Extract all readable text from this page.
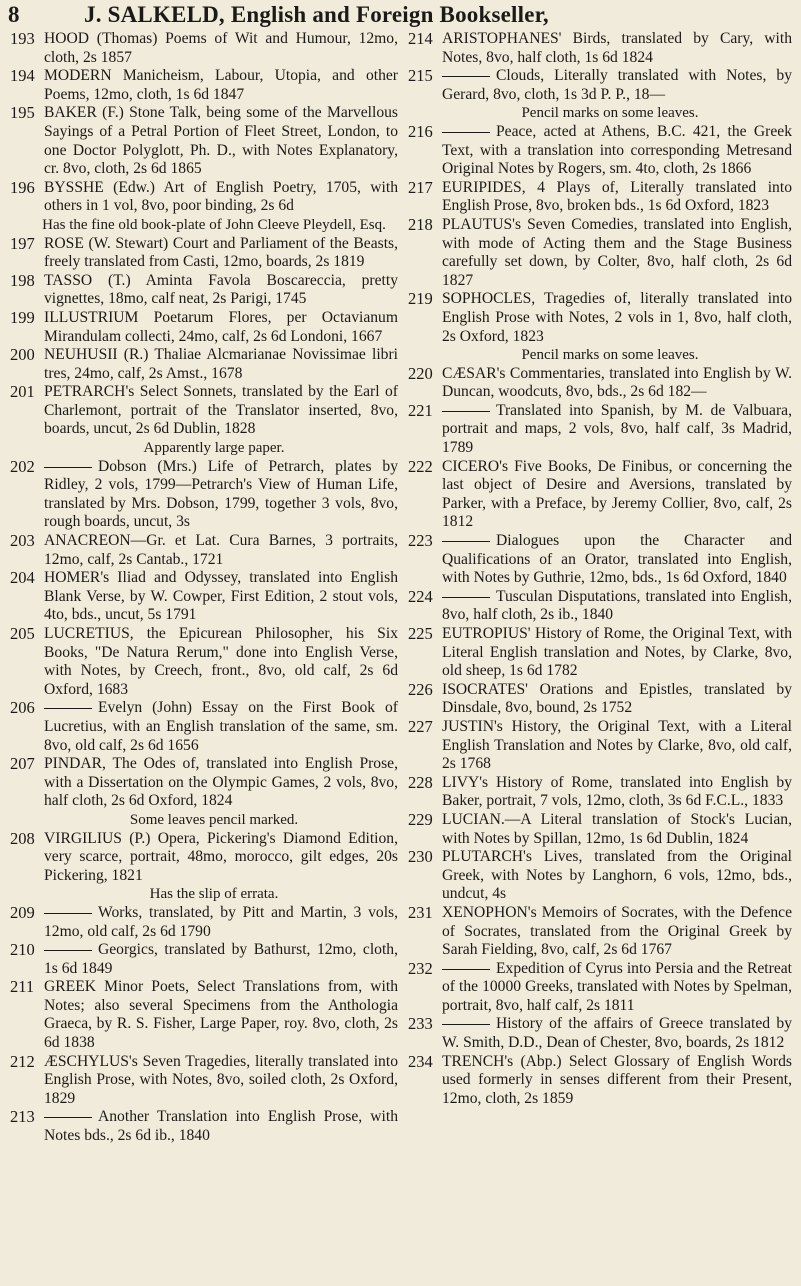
8	J. SALKELD, English and Foreign Bookseller,
193 HOOD (Thomas) Poems of Wit and Humour, 12mo, cloth, 2s 1857
194 MODERN Manicheism, Labour, Utopia, and other Poems, 12mo, cloth, 1s 6d 1847
195 BAKER (F.) Stone Talk, being some of the Marvellous Sayings of a Petral Portion of Fleet Street, London, to one Doctor Polyglott, Ph. D., with Notes Explanatory, cr. 8vo, cloth, 2s 6d 1865
196 BYSSHE (Edw.) Art of English Poetry, 1705, with others in 1 vol, 8vo, poor binding, 2s 6d
Has the fine old book-plate of John Cleeve Pleydell, Esq.
197 ROSE (W. Stewart) Court and Parliament of the Beasts, freely translated from Casti, 12mo, boards, 2s 1819
198 TASSO (T.) Aminta Favola Boscareccia, pretty vignettes, 18mo, calf neat, 2s Parigi, 1745
199 ILLUSTRIUM Poetarum Flores, per Octavianum Mirandulam collecti, 24mo, calf, 2s 6d Londoni, 1667
200 NEUHUSII (R.) Thaliae Alcmarianae Novissimae libri tres, 24mo, calf, 2s Amst., 1678
201 PETRARCH's Select Sonnets, translated by the Earl of Charlemont, portrait of the Translator inserted, 8vo, boards, uncut, 2s 6d Dublin, 1828
Apparently large paper.
202	Dobson (Mrs.) Life of Petrarch, plates by Ridley, 2 vols, 1799—Petrarch's View of Human Life, translated by Mrs. Dobson, 1799, together 3 vols, 8vo, rough boards, uncut, 3s
203 ANACREON—Gr. et Lat. Cura Barnes, 3 portraits, 12mo, calf, 2s Cantab., 1721
204 HOMER's Iliad and Odyssey, translated into English Blank Verse, by W. Cowper, First Edition, 2 stout vols, 4to, bds., uncut, 5s 1791
205 LUCRETIUS, the Epicurean Philosopher, his Six Books, "De Natura Rerum," done into English Verse, with Notes, by Creech, front., 8vo, old calf, 2s 6d Oxford, 1683
206	Evelyn (John) Essay on the First Book of Lucretius, with an English translation of the same, sm. 8vo, old calf, 2s 6d 1656
207 PINDAR, The Odes of, translated into English Prose, with a Dissertation on the Olympic Games, 2 vols, 8vo, half cloth, 2s 6d Oxford, 1824
Some leaves pencil marked.
208 VIRGILIUS (P.) Opera, Pickering's Diamond Edition, very scarce, portrait, 48mo, morocco, gilt edges, 20s Pickering, 1821
Has the slip of errata.
209	Works, translated, by Pitt and Martin, 3 vols, 12mo, old calf, 2s 6d 1790
210	Georgics, translated by Bathurst, 12mo, cloth, 1s 6d 1849
211 GREEK Minor Poets, Select Translations from, with Notes; also several Specimens from the Anthologia Graeca, by R. S. Fisher, Large Paper, roy. 8vo, cloth, 2s 6d 1838
212 ÆSCHYLUS's Seven Tragedies, literally translated into English Prose, with Notes, 8vo, soiled cloth, 2s Oxford, 1829
213	Another Translation into English Prose, with Notes bds., 2s 6d ib., 1840
214 ARISTOPHANES' Birds, translated by Cary, with Notes, 8vo, half cloth, 1s 6d 1824
215	Clouds, Literally translated with Notes, by Gerard, 8vo, cloth, 1s 3d P. P., 18—
Pencil marks on some leaves.
216	Peace, acted at Athens, B.C. 421, the Greek Text, with a translation into corresponding Metresand Original Notes by Rogers, sm. 4to, cloth, 2s 1866
217 EURIPIDES, 4 Plays of, Literally translated into English Prose, 8vo, broken bds., 1s 6d Oxford, 1823
218 PLAUTUS's Seven Comedies, translated into English, with mode of Acting them and the Stage Business carefully set down, by Colter, 8vo, half cloth, 2s 6d 1827
219 SOPHOCLES, Tragedies of, literally translated into English Prose with Notes, 2 vols in 1, 8vo, half cloth, 2s Oxford, 1823
Pencil marks on some leaves.
220 CÆSAR's Commentaries, translated into English by W. Duncan, woodcuts, 8vo, bds., 2s 6d 182—
221	Translated into Spanish, by M. de Valbuara, portrait and maps, 2 vols, 8vo, half calf, 3s Madrid, 1789
222 CICERO's Five Books, De Finibus, or concerning the last object of Desire and Aversions, translated by Parker, with a Preface, by Jeremy Collier, 8vo, calf, 2s 1812
223	Dialogues upon the Character and Qualifications of an Orator, translated into English, with Notes by Guthrie, 12mo, bds., 1s 6d Oxford, 1840
224	Tusculan Disputations, translated into English, 8vo, half cloth, 2s ib., 1840
225 EUTROPIUS' History of Rome, the Original Text, with Literal English translation and Notes, by Clarke, 8vo, old sheep, 1s 6d 1782
226 ISOCRATES' Orations and Epistles, translated by Dinsdale, 8vo, bound, 2s 1752
227 JUSTIN's History, the Original Text, with a Literal English Translation and Notes by Clarke, 8vo, old calf, 2s 1768
228 LIVY's History of Rome, translated into English by Baker, portrait, 7 vols, 12mo, cloth, 3s 6d F.C.L., 1833
229 LUCIAN.—A Literal translation of Stock's Lucian, with Notes by Spillan, 12mo, 1s 6d Dublin, 1824
230 PLUTARCH's Lives, translated from the Original Greek, with Notes by Langhorn, 6 vols, 12mo, bds., undcut, 4s
231 XENOPHON's Memoirs of Socrates, with the Defence of Socrates, translated from the Original Greek by Sarah Fielding, 8vo, calf, 2s 6d 1767
232	Expedition of Cyrus into Persia and the Retreat of the 10000 Greeks, translated with Notes by Spelman, portrait, 8vo, half calf, 2s 1811
233	History of the affairs of Greece translated by W. Smith, D.D., Dean of Chester, 8vo, boards, 2s 1812
234 TRENCH's (Abp.) Select Glossary of English Words used formerly in senses different from their Present, 12mo, cloth, 2s 1859
